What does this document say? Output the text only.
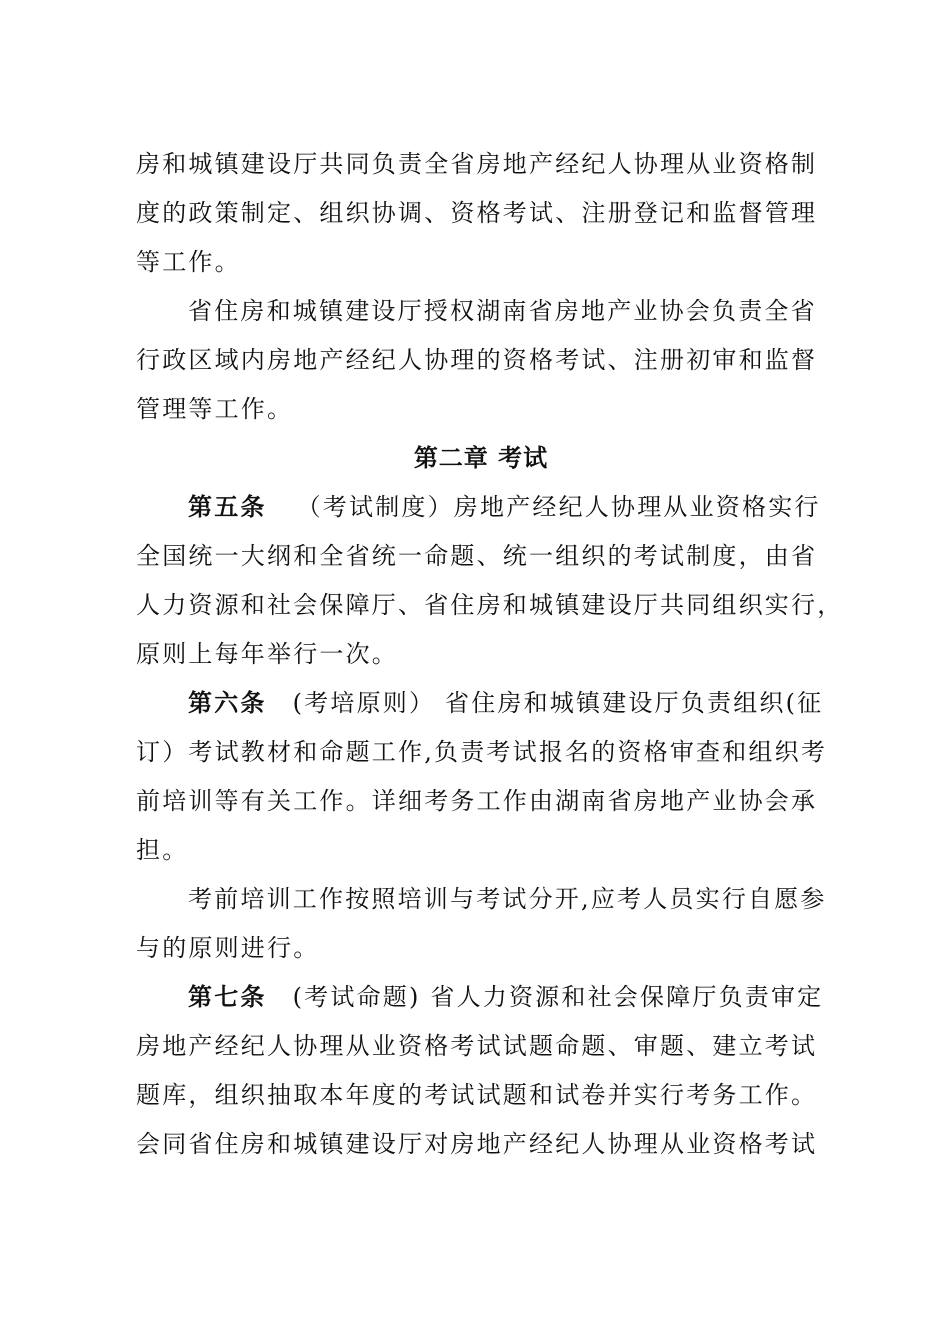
房和城镇建设厅共同负责全省房地产经纪人协理从业资格制
度的政策制定、组织协调、资格考试、注册登记和监督管理
等工作。
省住房和城镇建设厅授权湖南省房地产业协会负责全省
行政区域内房地产经纪人协理的资格考试、注册初审和监督
管理等工作。
第二章 考试
第五条 （考试制度）房地产经纪人协理从业资格实行
全国统一大纲和全省统一命题、统一组织的考试制度，由省
人力资源和社会保障厅、省住房和城镇建设厅共同组织实行，
原则上每年举行一次。
第六条 (考培原则） 省住房和城镇建设厅负责组织(征
订）考试教材和命题工作,负责考试报名的资格审查和组织考
前培训等有关工作。详细考务工作由湖南省房地产业协会承
担。
考前培训工作按照培训与考试分开,应考人员实行自愿参
与的原则进行。
第七条 (考试命题) 省人力资源和社会保障厅负责审定
房地产经纪人协理从业资格考试试题命题、审题、建立考试
题库，组织抽取本年度的考试试题和试卷并实行考务工作。
会同省住房和城镇建设厅对房地产经纪人协理从业资格考试
